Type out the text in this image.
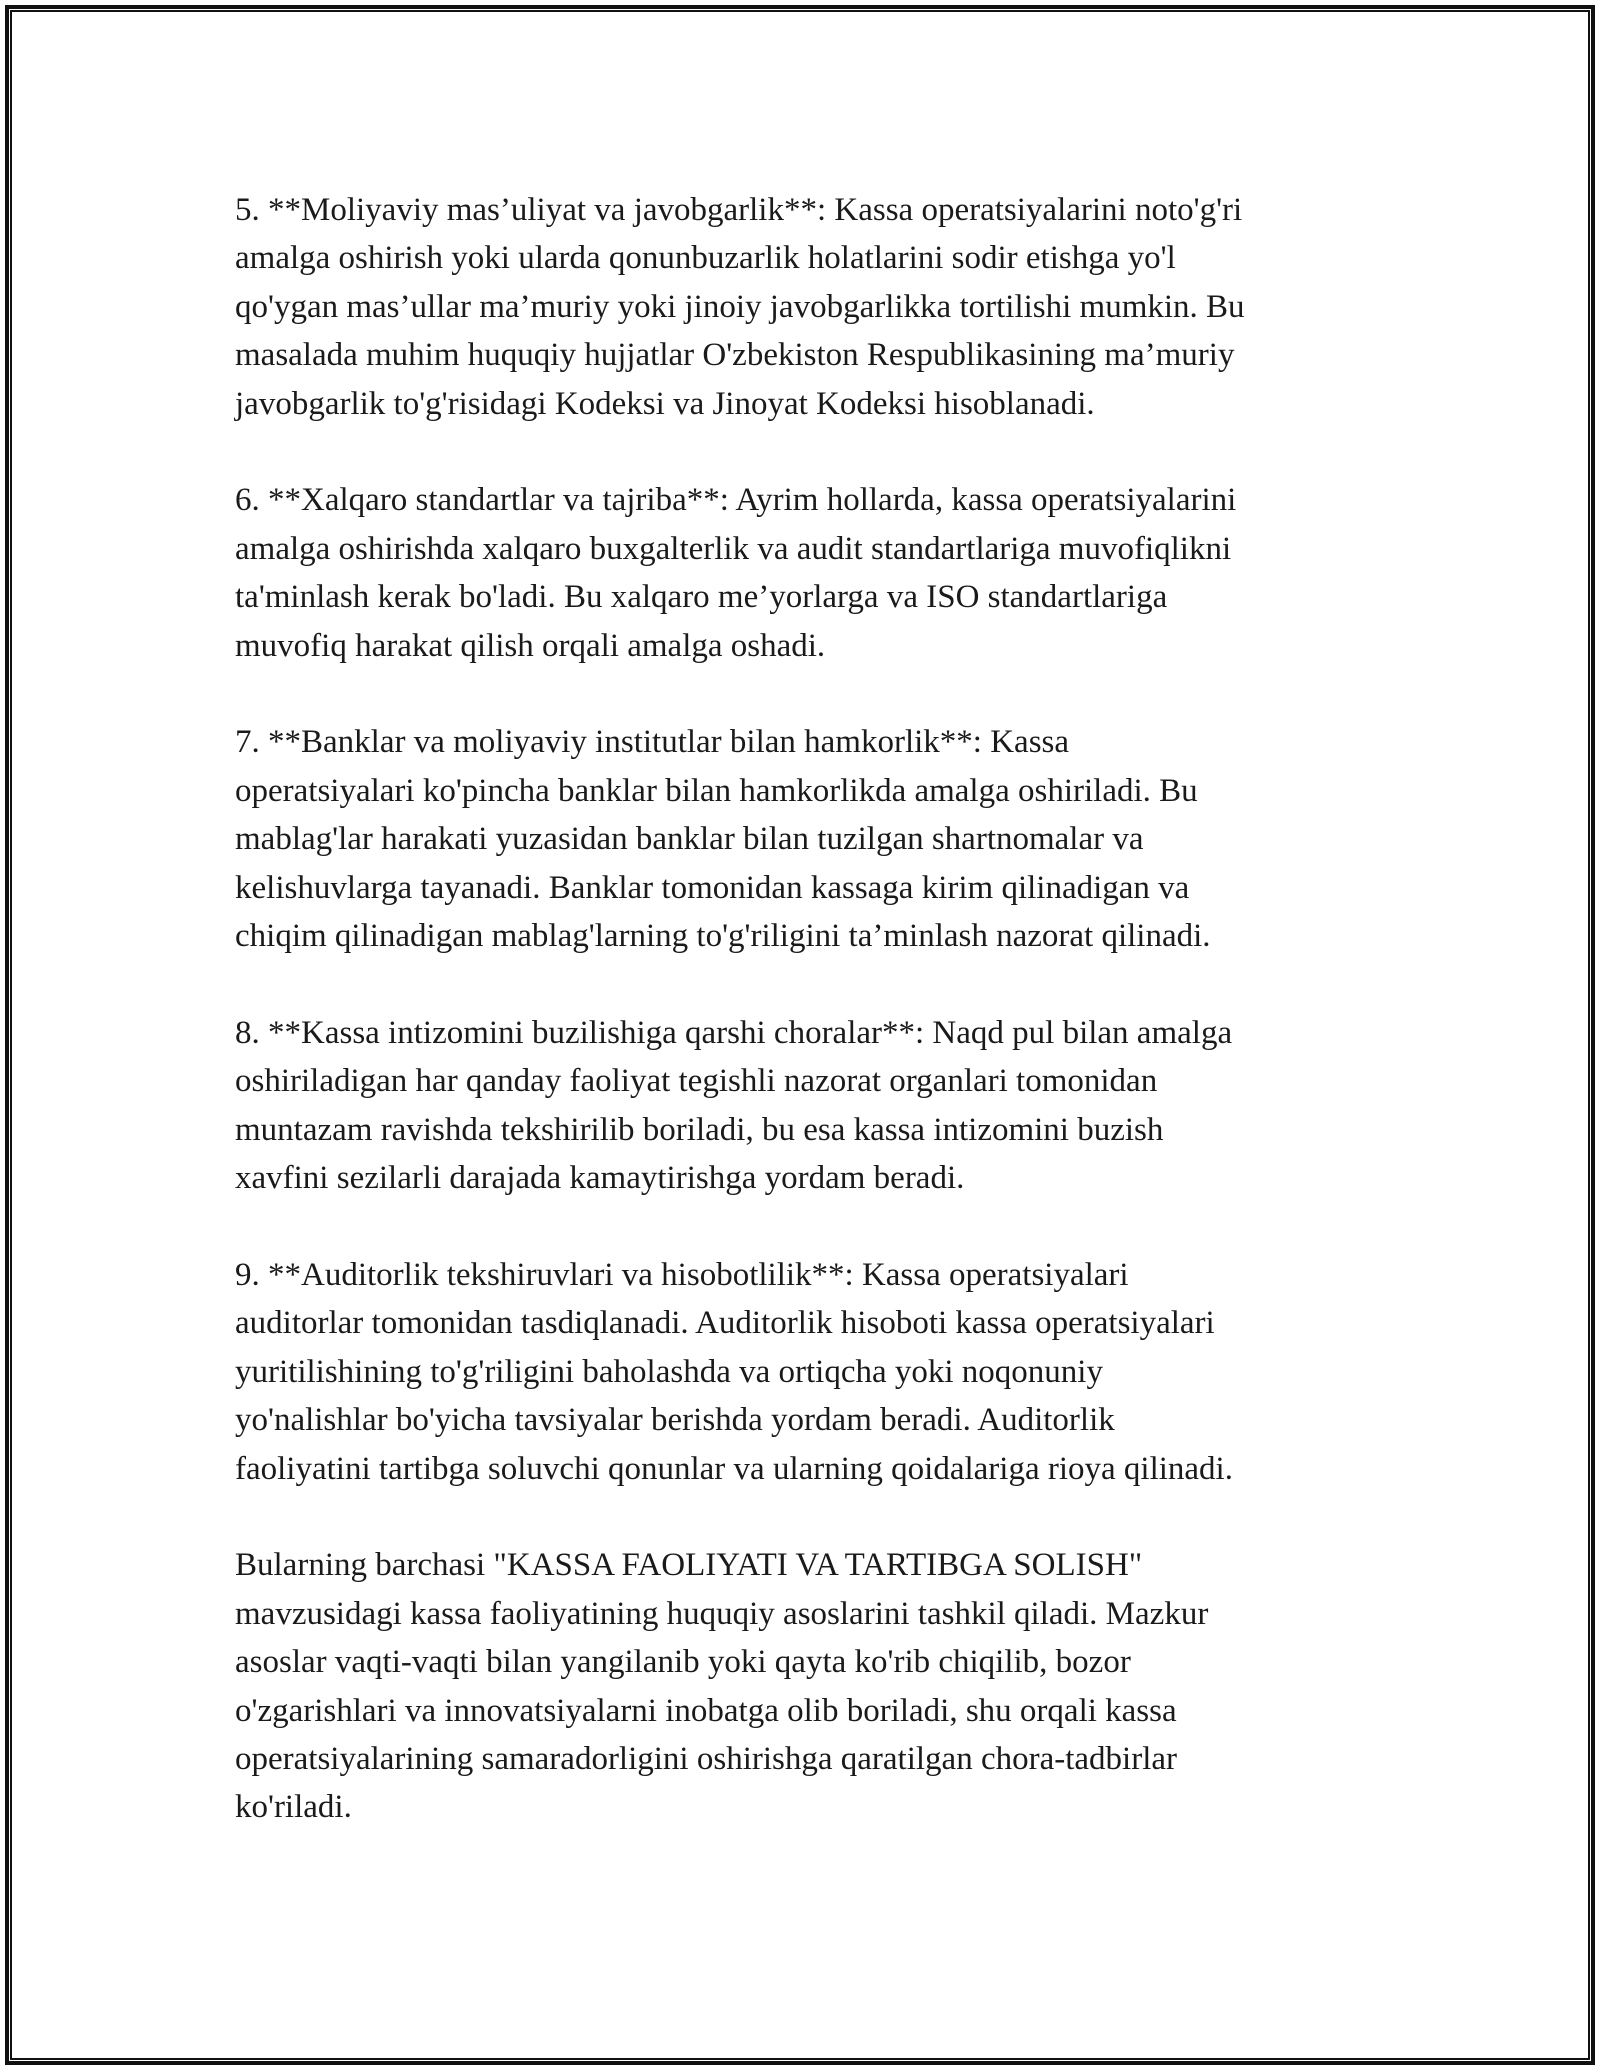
5. **Moliyaviy mas’uliyat va javobgarlik**: Kassa operatsiyalarini noto'g'ri
amalga oshirish yoki ularda qonunbuzarlik holatlarini sodir etishga yo'l
qo'ygan mas’ullar ma’muriy yoki jinoiy javobgarlikka tortilishi mumkin. Bu
masalada muhim huquqiy hujjatlar O'zbekiston Respublikasining ma’muriy
javobgarlik to'g'risidagi Kodeksi va Jinoyat Kodeksi hisoblanadi.

6. **Xalqaro standartlar va tajriba**: Ayrim hollarda, kassa operatsiyalarini
amalga oshirishda xalqaro buxgalterlik va audit standartlariga muvofiqlikni
ta'minlash kerak bo'ladi. Bu xalqaro me’yorlarga va ISO standartlariga
muvofiq harakat qilish orqali amalga oshadi.

7. **Banklar va moliyaviy institutlar bilan hamkorlik**: Kassa
operatsiyalari ko'pincha banklar bilan hamkorlikda amalga oshiriladi. Bu
mablag'lar harakati yuzasidan banklar bilan tuzilgan shartnomalar va
kelishuvlarga tayanadi. Banklar tomonidan kassaga kirim qilinadigan va
chiqim qilinadigan mablag'larning to'g'riligini ta’minlash nazorat qilinadi.

8. **Kassa intizomini buzilishiga qarshi choralar**: Naqd pul bilan amalga
oshiriladigan har qanday faoliyat tegishli nazorat organlari tomonidan
muntazam ravishda tekshirilib boriladi, bu esa kassa intizomini buzish
xavfini sezilarli darajada kamaytirishga yordam beradi.

9. **Auditorlik tekshiruvlari va hisobotlilik**: Kassa operatsiyalari
auditorlar tomonidan tasdiqlanadi. Auditorlik hisoboti kassa operatsiyalari
yuritilishining to'g'riligini baholashda va ortiqcha yoki noqonuniy
yo'nalishlar bo'yicha tavsiyalar berishda yordam beradi. Auditorlik
faoliyatini tartibga soluvchi qonunlar va ularning qoidalariga rioya qilinadi.

Bularning barchasi "KASSA FAOLIYATI VA TARTIBGA SOLISH"
mavzusidagi kassa faoliyatining huquqiy asoslarini tashkil qiladi. Mazkur
asoslar vaqti-vaqti bilan yangilanib yoki qayta ko'rib chiqilib, bozor
o'zgarishlari va innovatsiyalarni inobatga olib boriladi, shu orqali kassa
operatsiyalarining samaradorligini oshirishga qaratilgan chora-tadbirlar
ko'riladi.
